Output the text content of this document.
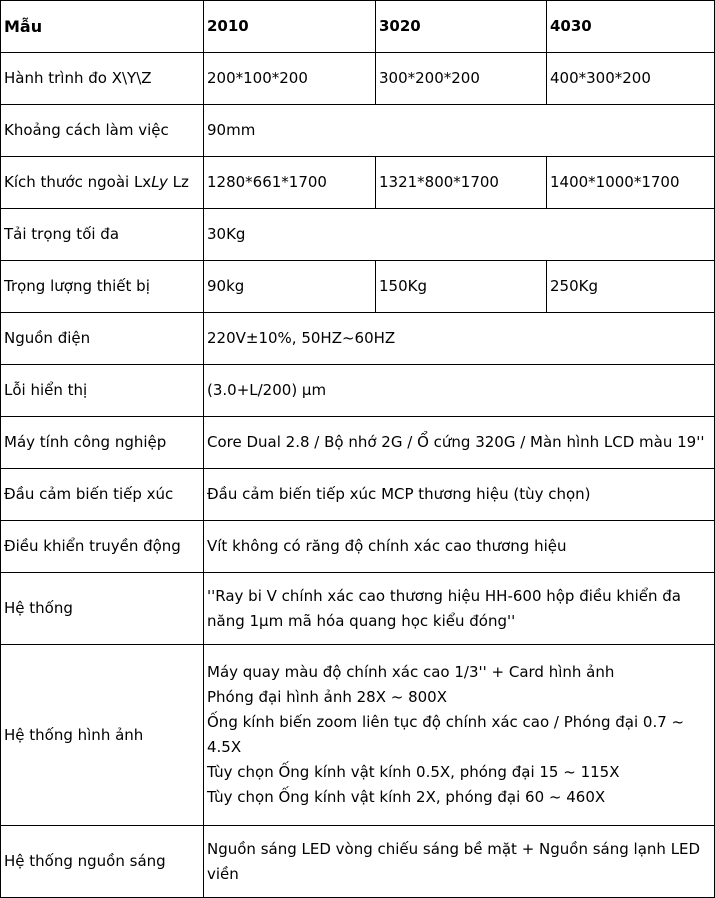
Mẫu	2010	3020	4030
Hành trình đo X\Y\Z	200*100*200	300*200*200	400*300*200
Khoảng cách làm việc	90mm		
Kích thước ngoài LxLy Lz	1280*661*1700	1321*800*1700	1400*1000*1700
Tải trọng tối đa	30Kg		
Trọng lượng thiết bị	90kg	150Kg	250Kg
Nguồn điện	220V±10%, 50HZ~60HZ		
Lỗi hiển thị	(3.0+L/200) μm		
Máy tính công nghiệp	Core Dual 2.8 / Bộ nhớ 2G / Ổ cứng 320G / Màn hình LCD màu 19''		
Đầu cảm biến tiếp xúc	Đầu cảm biến tiếp xúc MCP thương hiệu (tùy chọn)		
Điều khiển truyền động	Vít không có răng độ chính xác cao thương hiệu		
Hệ thống	''Ray bi V chính xác cao thương hiệu HH-600 hộp điều khiển đa năng 1μm mã hóa quang học kiểu đóng''		
Hệ thống hình ảnh	Máy quay màu độ chính xác cao 1/3'' + Card hình ảnh
Phóng đại hình ảnh 28X ~ 800X
Ống kính biến zoom liên tục độ chính xác cao / Phóng đại 0.7 ~ 4.5X
Tùy chọn Ống kính vật kính 0.5X, phóng đại 15 ~ 115X
Tùy chọn Ống kính vật kính 2X, phóng đại 60 ~ 460X		

Hệ thống nguồn sáng	Nguồn sáng LED vòng chiếu sáng bề mặt + Nguồn sáng lạnh LED viền		
